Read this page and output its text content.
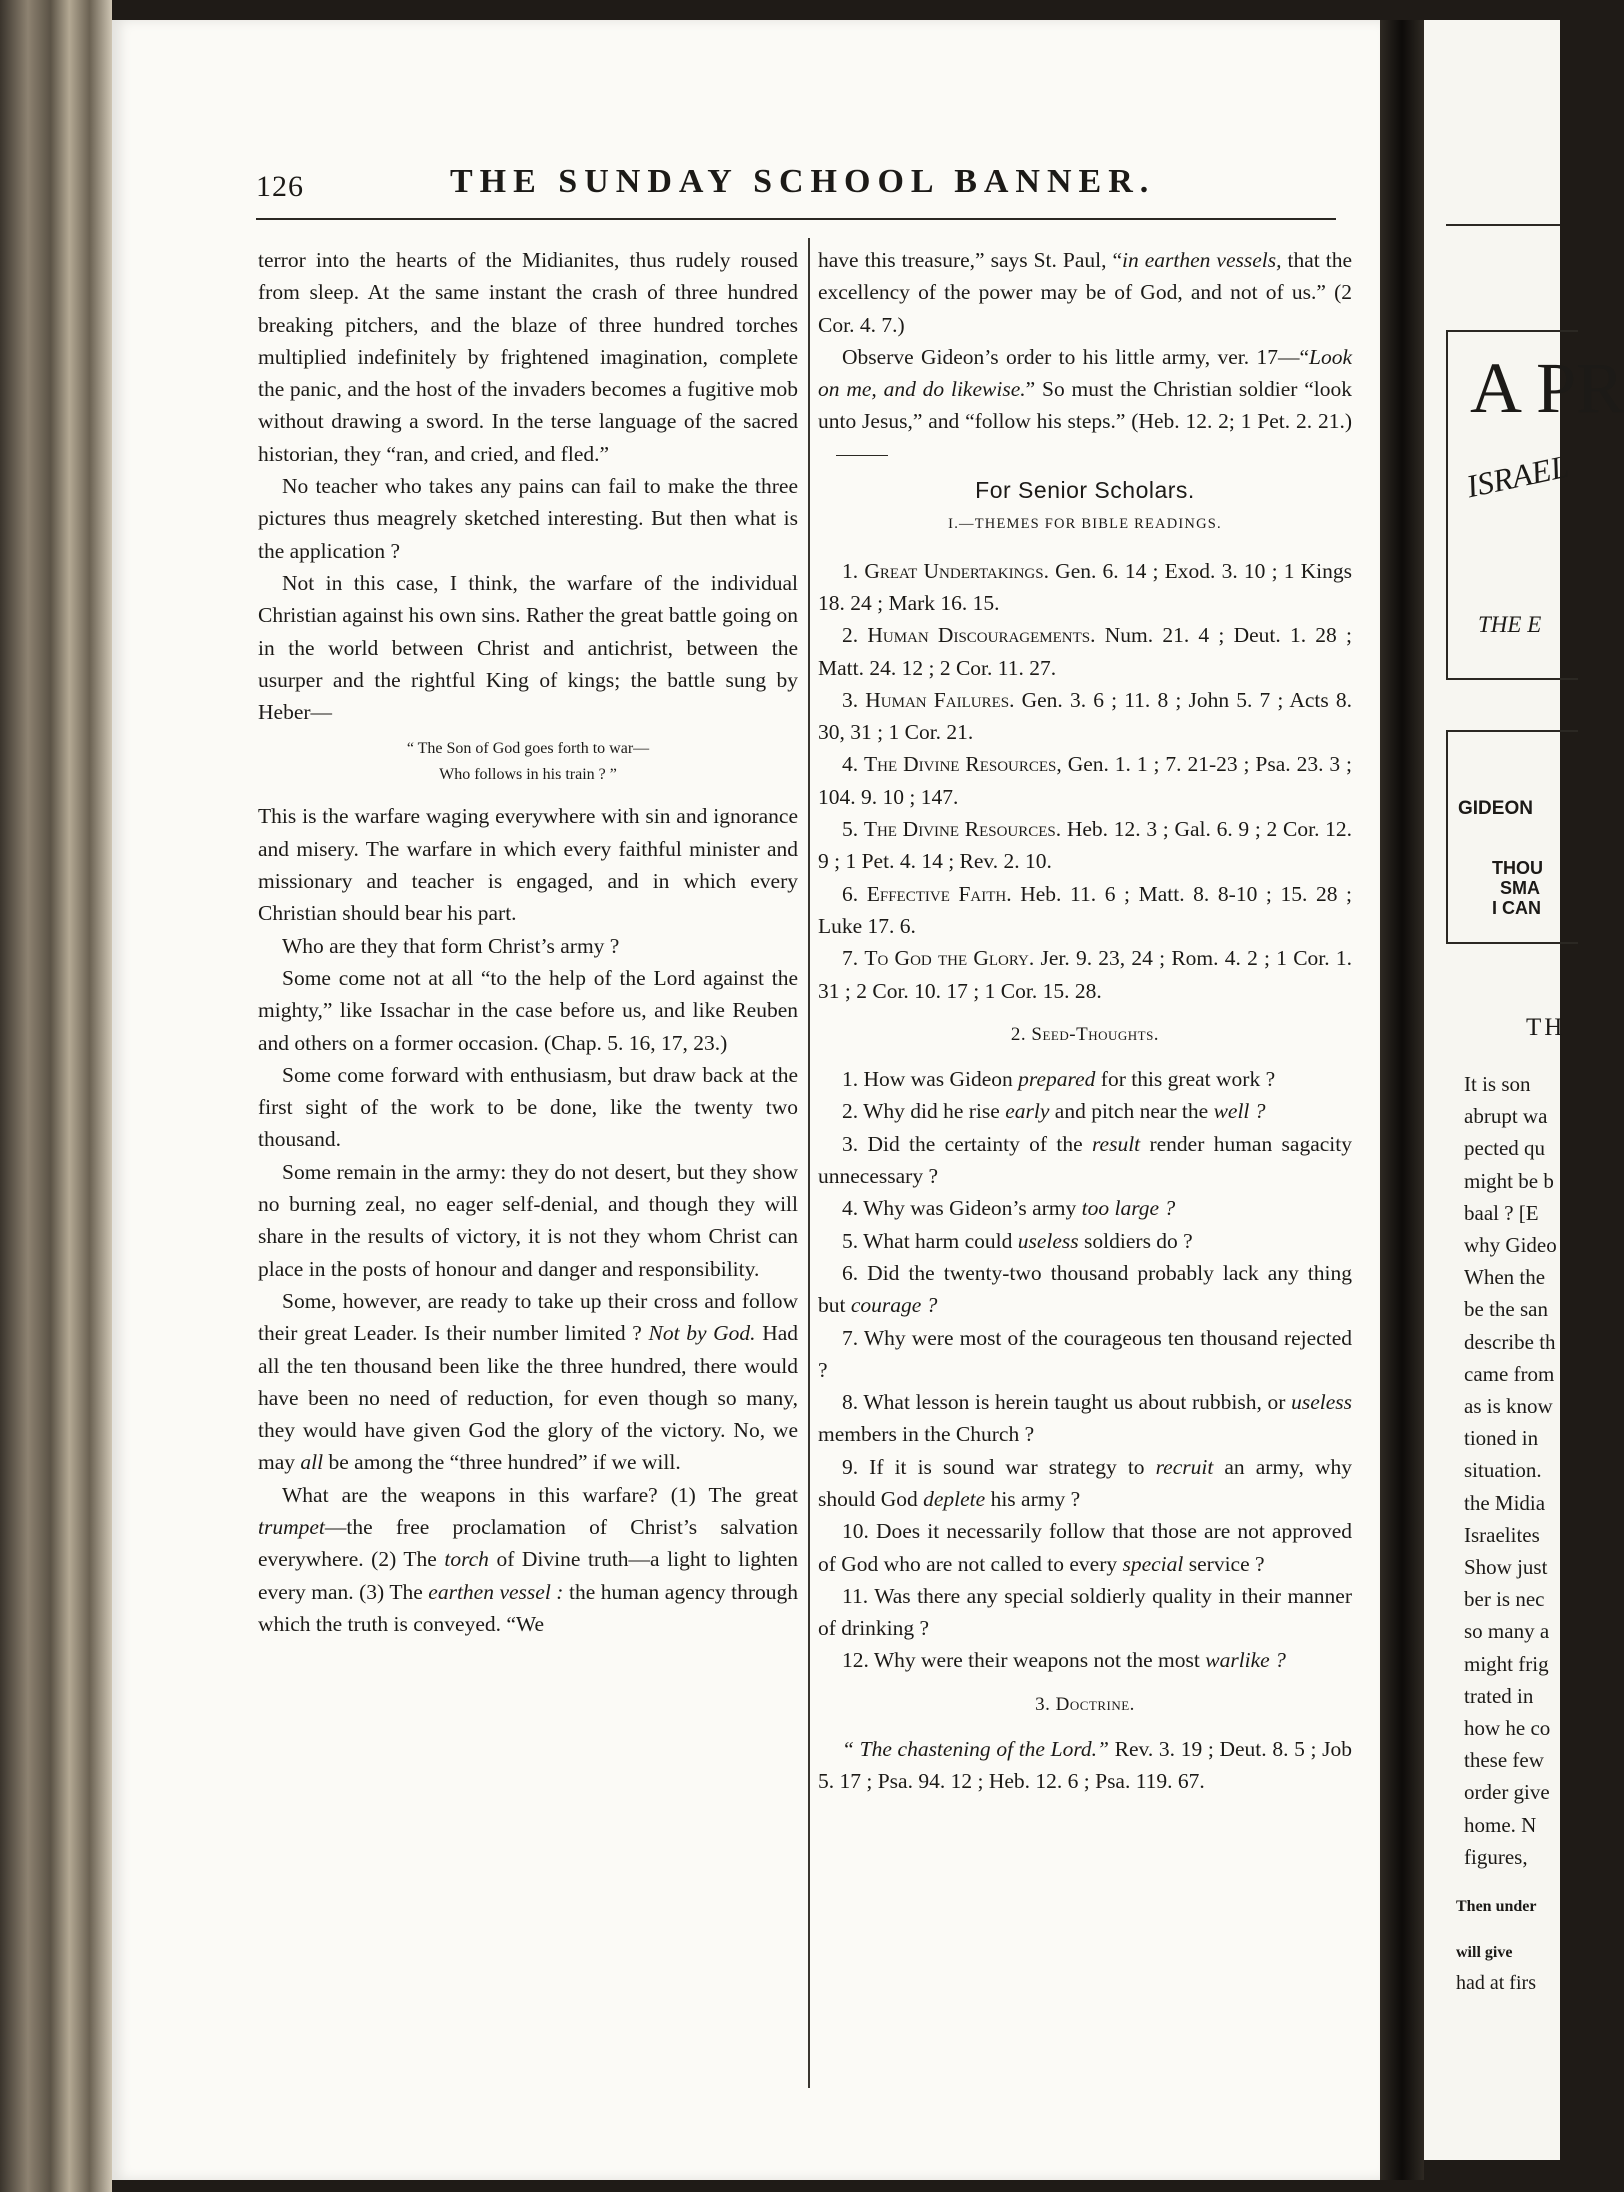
126	THE SUNDAY SCHOOL BANNER.

terror into the hearts of the Midianites, thus rudely roused from sleep. At the same instant the crash of three hundred breaking pitchers, and the blaze of three hundred torches multiplied indefinitely by frightened imagination, complete the panic, and the host of the invaders becomes a fugitive mob without drawing a sword. In the terse language of the sacred historian, they “ran, and cried, and fled.”

No teacher who takes any pains can fail to make the three pictures thus meagrely sketched interesting. But then what is the application ?

Not in this case, I think, the warfare of the individual Christian against his own sins. Rather the great battle going on in the world between Christ and antichrist, between the usurper and the rightful King of kings; the battle sung by Heber—

“ The Son of God goes forth to war—
Who follows in his train ? ”

This is the warfare waging everywhere with sin and ignorance and misery. The warfare in which every faithful minister and missionary and teacher is engaged, and in which every Christian should bear his part.

Who are they that form Christ’s army ?

Some come not at all “to the help of the Lord against the mighty,” like Issachar in the case before us, and like Reuben and others on a former occasion. (Chap. 5. 16, 17, 23.)

Some come forward with enthusiasm, but draw back at the first sight of the work to be done, like the twenty two thousand.

Some remain in the army: they do not desert, but they show no burning zeal, no eager self-denial, and though they will share in the results of victory, it is not they whom Christ can place in the posts of honour and danger and responsibility.

Some, however, are ready to take up their cross and follow their great Leader. Is their number limited ? Not by God. Had all the ten thousand been like the three hundred, there would have been no need of reduction, for even though so many, they would have given God the glory of the victory. No, we may all be among the “three hundred” if we will.

What are the weapons in this warfare? (1) The great trumpet—the free proclamation of Christ’s salvation everywhere. (2) The torch of Divine truth—a light to lighten every man. (3) The earthen vessel : the human agency through which the truth is conveyed. “We

have this treasure,” says St. Paul, “in earthen vessels, that the excellency of the power may be of God, and not of us.” (2 Cor. 4. 7.)

Observe Gideon’s order to his little army, ver. 17—“Look on me, and do likewise.” So must the Christian soldier “look unto Jesus,” and “follow his steps.” (Heb. 12. 2; 1 Pet. 2. 21.)

For Senior Scholars.
I.—THEMES FOR BIBLE READINGS.

1. Great Undertakings. Gen. 6. 14 ; Exod. 3. 10 ; 1 Kings 18. 24 ; Mark 16. 15.

2. Human Discouragements. Num. 21. 4 ; Deut. 1. 28 ; Matt. 24. 12 ; 2 Cor. 11. 27.

3. Human Failures. Gen. 3. 6 ; 11. 8 ; John 5. 7 ; Acts 8. 30, 31 ; 1 Cor. 21.

4. The Divine Resources, Gen. 1. 1 ; 7. 21-23 ; Psa. 23. 3 ; 104. 9. 10 ; 147.

5. The Divine Resources. Heb. 12. 3 ; Gal. 6. 9 ; 2 Cor. 12. 9 ; 1 Pet. 4. 14 ; Rev. 2. 10.

6. Effective Faith. Heb. 11. 6 ; Matt. 8. 8-10 ; 15. 28 ; Luke 17. 6.

7. To God the Glory. Jer. 9. 23, 24 ; Rom. 4. 2 ; 1 Cor. 1. 31 ; 2 Cor. 10. 17 ; 1 Cor. 15. 28.

2. Seed-Thoughts.

1. How was Gideon prepared for this great work ?

2. Why did he rise early and pitch near the well ?

3. Did the certainty of the result render human sagacity unnecessary ?

4. Why was Gideon’s army too large ?

5. What harm could useless soldiers do ?

6. Did the twenty-two thousand probably lack any thing but courage ?

7. Why were most of the courageous ten thousand rejected ?

8. What lesson is herein taught us about rubbish, or useless members in the Church ?

9. If it is sound war strategy to recruit an army, why should God deplete his army ?

10. Does it necessarily follow that those are not approved of God who are not called to every special service ?

11. Was there any special soldierly quality in their manner of drinking ?

12. Why were their weapons not the most warlike ?

3. Doctrine.

“ The chastening of the Lord.” Rev. 3. 19 ; Deut. 8. 5 ; Job 5. 17 ; Psa. 94. 12 ; Heb. 12. 6 ; Psa. 119. 67.

A PR
ISRAEL
THE E
GIDEON
THOU
SMA
I CAN
TH
It is son
abrupt wa
pected qu
might be b
baal ? [E
why Gideo
When the
be the san
describe th
came from
as is know
tioned in
situation.
the Midia
Israelites
Show just
ber is nec
so many a
might frig
trated in
how he co
these few
order give
home. N
figures,
Then under
will give
had at firs
